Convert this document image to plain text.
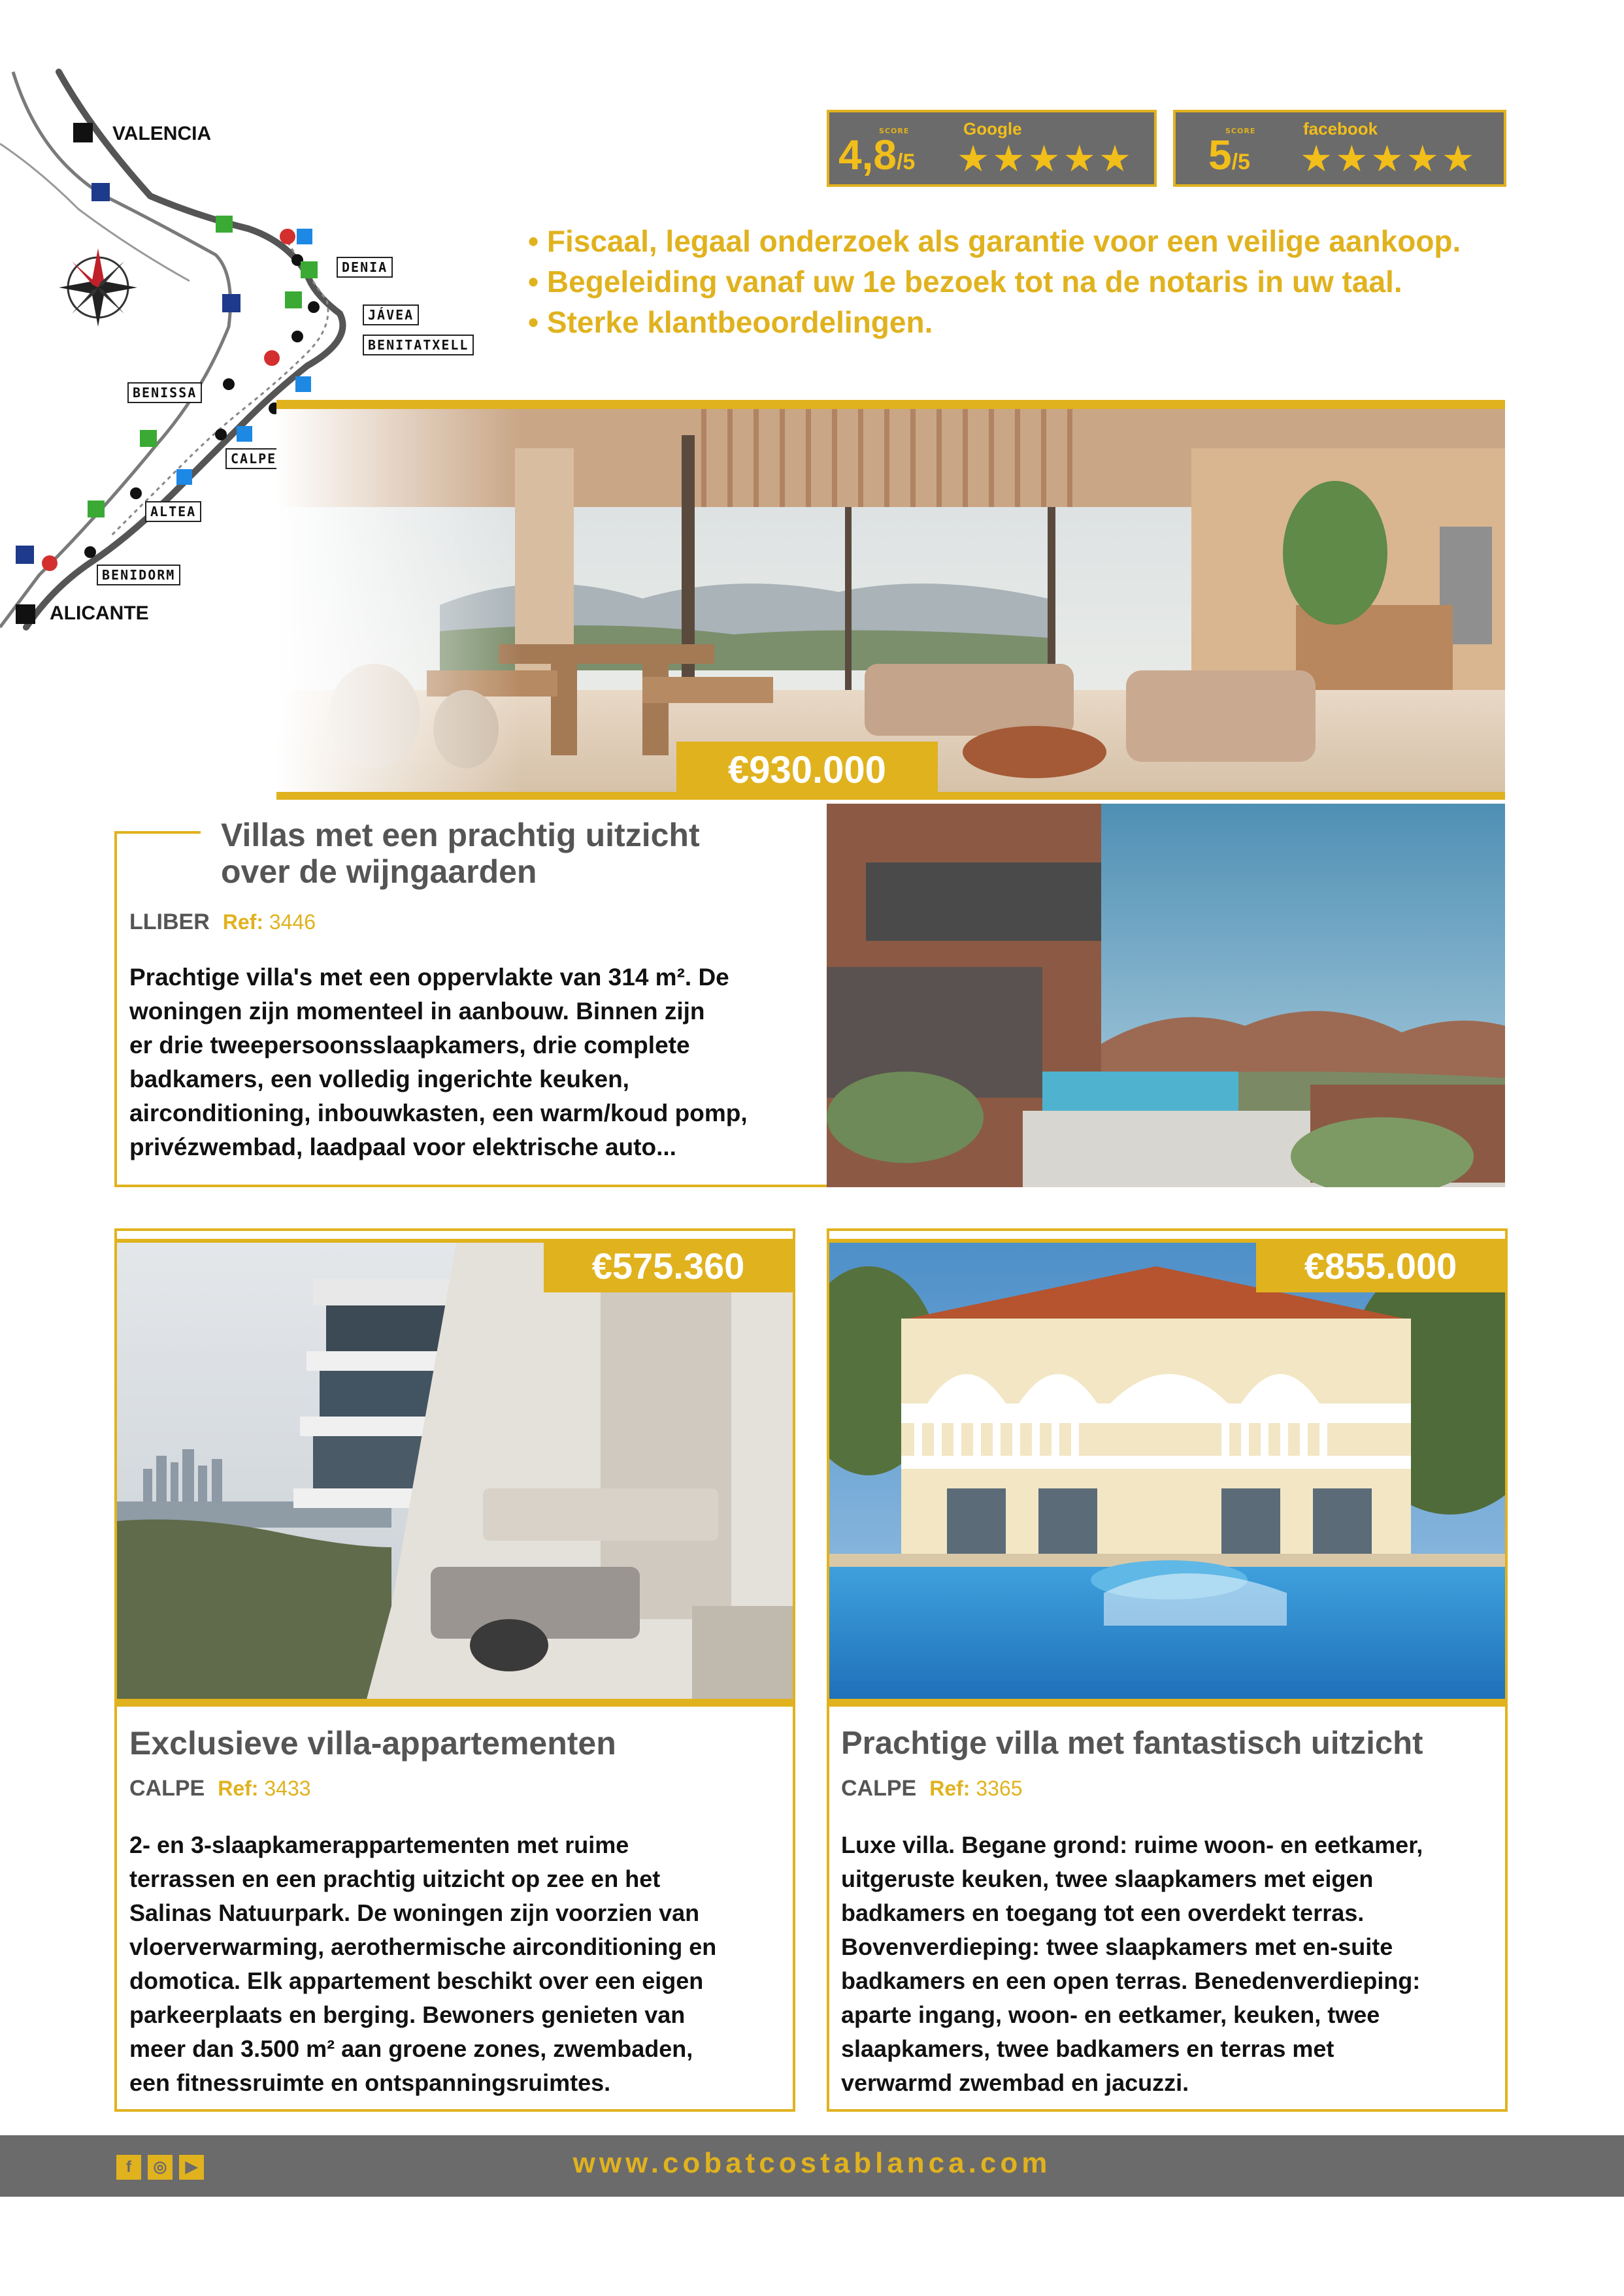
VALENCIA
ALICANTE
DENIA
JÁVEA
BENITATXELL
BENISSA
CALPE
ALTEA
BENIDORM
SCORE
4,8/5
Google
★★★★★
SCORE
5/5
facebook
★★★★★
• Fiscaal, legaal onderzoek als garantie voor een veilige aankoop.
• Begeleiding vanaf uw 1e bezoek tot na de notaris in uw taal.
• Sterke klantbeoordelingen.
€930.000
Villas met een prachtig uitzicht
over de wijngaarden
LLIBER Ref: 3446
Prachtige villa's met een oppervlakte van 314 m². De
woningen zijn momenteel in aanbouw. Binnen zijn
er drie tweepersoonsslaapkamers, drie complete
badkamers, een volledig ingerichte keuken,
airconditioning, inbouwkasten, een warm/koud pomp,
privézwembad, laadpaal voor elektrische auto...
€575.360
Exclusieve villa-appartementen
CALPE Ref: 3433
2- en 3-slaapkamerappartementen met ruime
terrassen en een prachtig uitzicht op zee en het
Salinas Natuurpark. De woningen zijn voorzien van
vloerverwarming, aerothermische airconditioning en
domotica. Elk appartement beschikt over een eigen
parkeerplaats en berging. Bewoners genieten van
meer dan 3.500 m² aan groene zones, zwembaden,
een fitnessruimte en ontspanningsruimtes.
€855.000
Prachtige villa met fantastisch uitzicht
CALPE Ref: 3365
Luxe villa. Begane grond: ruime woon- en eetkamer,
uitgeruste keuken, twee slaapkamers met eigen
badkamers en toegang tot een overdekt terras.
Bovenverdieping: twee slaapkamers met en-suite
badkamers en een open terras. Benedenverdieping:
aparte ingang, woon- en eetkamer, keuken, twee
slaapkamers, twee badkamers en terras met
verwarmd zwembad en jacuzzi.
f	◎	▶	www.cobatcostablanca.com
